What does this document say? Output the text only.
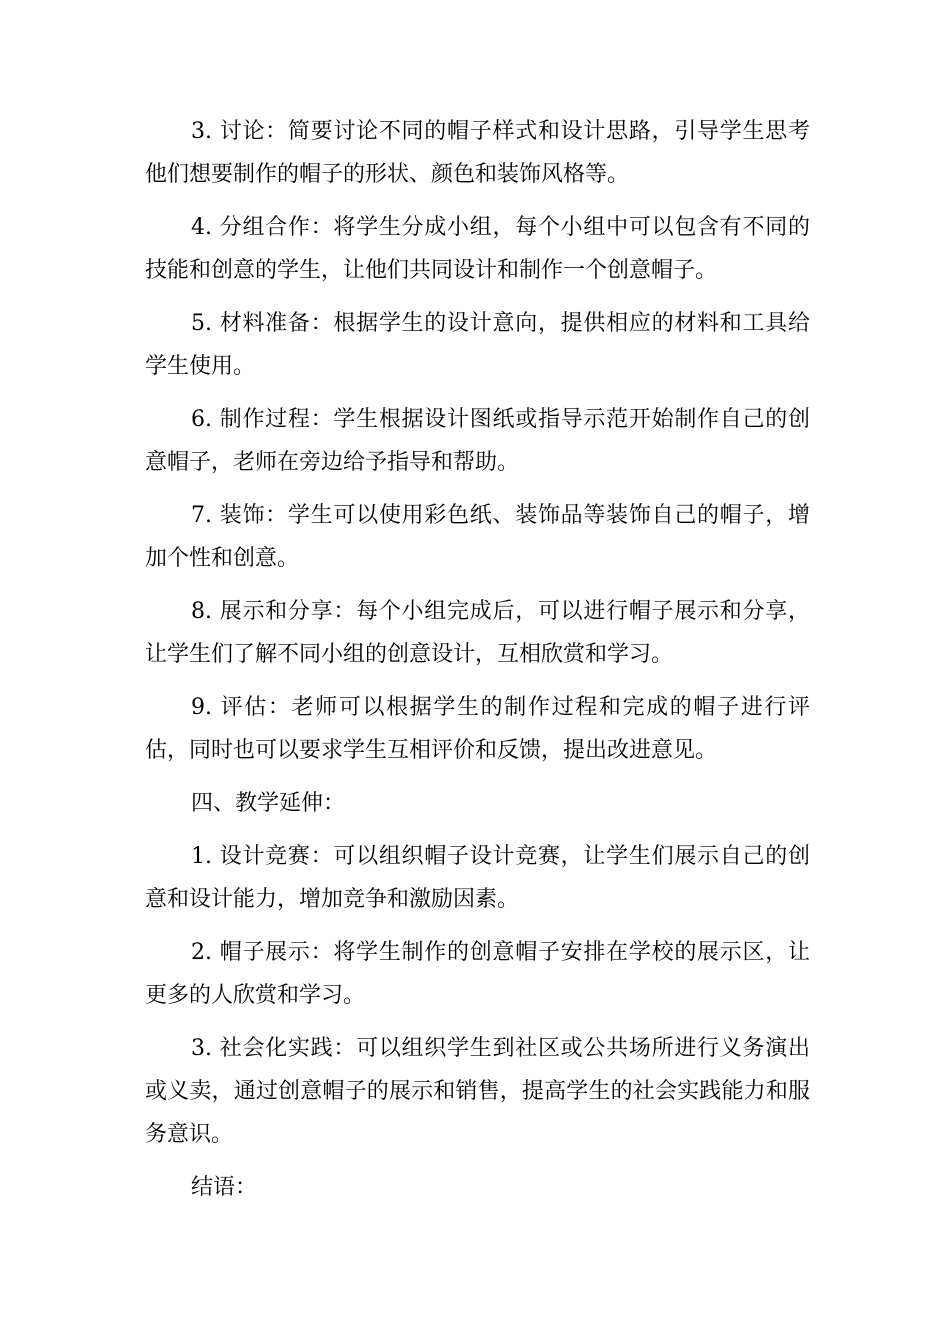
3. 讨论：简要讨论不同的帽子样式和设计思路，引导学生思考他们想要制作的帽子的形状、颜色和装饰风格等。

4. 分组合作：将学生分成小组，每个小组中可以包含有不同的技能和创意的学生，让他们共同设计和制作一个创意帽子。

5. 材料准备：根据学生的设计意向，提供相应的材料和工具给学生使用。

6. 制作过程：学生根据设计图纸或指导示范开始制作自己的创意帽子，老师在旁边给予指导和帮助。

7. 装饰：学生可以使用彩色纸、装饰品等装饰自己的帽子，增加个性和创意。

8. 展示和分享：每个小组完成后，可以进行帽子展示和分享，让学生们了解不同小组的创意设计，互相欣赏和学习。

9. 评估：老师可以根据学生的制作过程和完成的帽子进行评估，同时也可以要求学生互相评价和反馈，提出改进意见。

四、教学延伸：

1. 设计竞赛：可以组织帽子设计竞赛，让学生们展示自己的创意和设计能力，增加竞争和激励因素。

2. 帽子展示：将学生制作的创意帽子安排在学校的展示区，让更多的人欣赏和学习。

3. 社会化实践：可以组织学生到社区或公共场所进行义务演出或义卖，通过创意帽子的展示和销售，提高学生的社会实践能力和服务意识。

结语：
